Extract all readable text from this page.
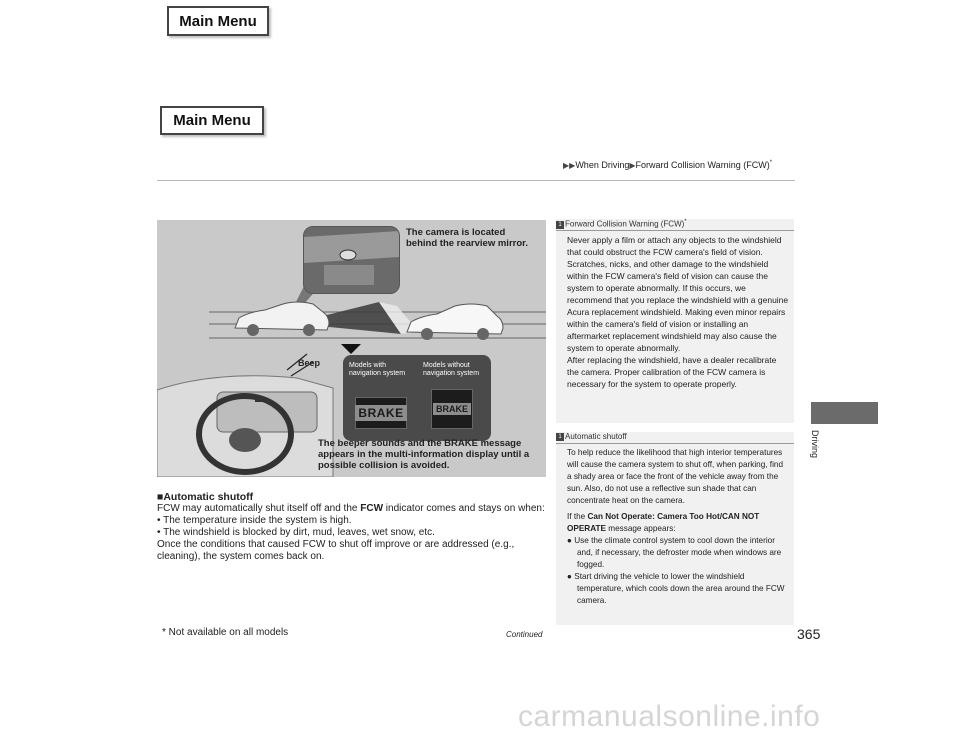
Main Menu
Main Menu
▶▶When Driving▶Forward Collision Warning (FCW)*
Driving
The camera is located
behind the rearview mirror.
Beep	Models with
navigation system
Models without
navigation system
BRAKE	BRAKE
The beeper sounds and the BRAKE message appears in the multi-information display until a possible collision is avoided.

■Automatic shutoff

FCW may automatically shut itself off and the FCW indicator comes and stays on when:

• The temperature inside the system is high.

• The windshield is blocked by dirt, mud, leaves, wet snow, etc.

Once the conditions that caused FCW to shut off improve or are addressed (e.g., cleaning), the system comes back on.

1 Forward Collision Warning (FCW)*

Never apply a film or attach any objects to the windshield that could obstruct the FCW camera's field of vision.

Scratches, nicks, and other damage to the windshield within the FCW camera's field of vision can cause the system to operate abnormally. If this occurs, we recommend that you replace the windshield with a genuine Acura replacement windshield. Making even minor repairs within the camera's field of vision or installing an aftermarket replacement windshield may also cause the system to operate abnormally.

After replacing the windshield, have a dealer recalibrate the camera. Proper calibration of the FCW camera is necessary for the system to operate properly.

1 Automatic shutoff

To help reduce the likelihood that high interior temperatures will cause the camera system to shut off, when parking, find a shady area or face the front of the vehicle away from the sun. Also, do not use a reflective sun shade that can concentrate heat on the camera.

If the Can Not Operate: Camera Too Hot/CAN NOT OPERATE message appears:

● Use the climate control system to cool down the interior and, if necessary, the defroster mode when windows are fogged.

● Start driving the vehicle to lower the windshield temperature, which cools down the area around the FCW camera.

* Not available on all models	Continued	365
carmanualsonline.info
